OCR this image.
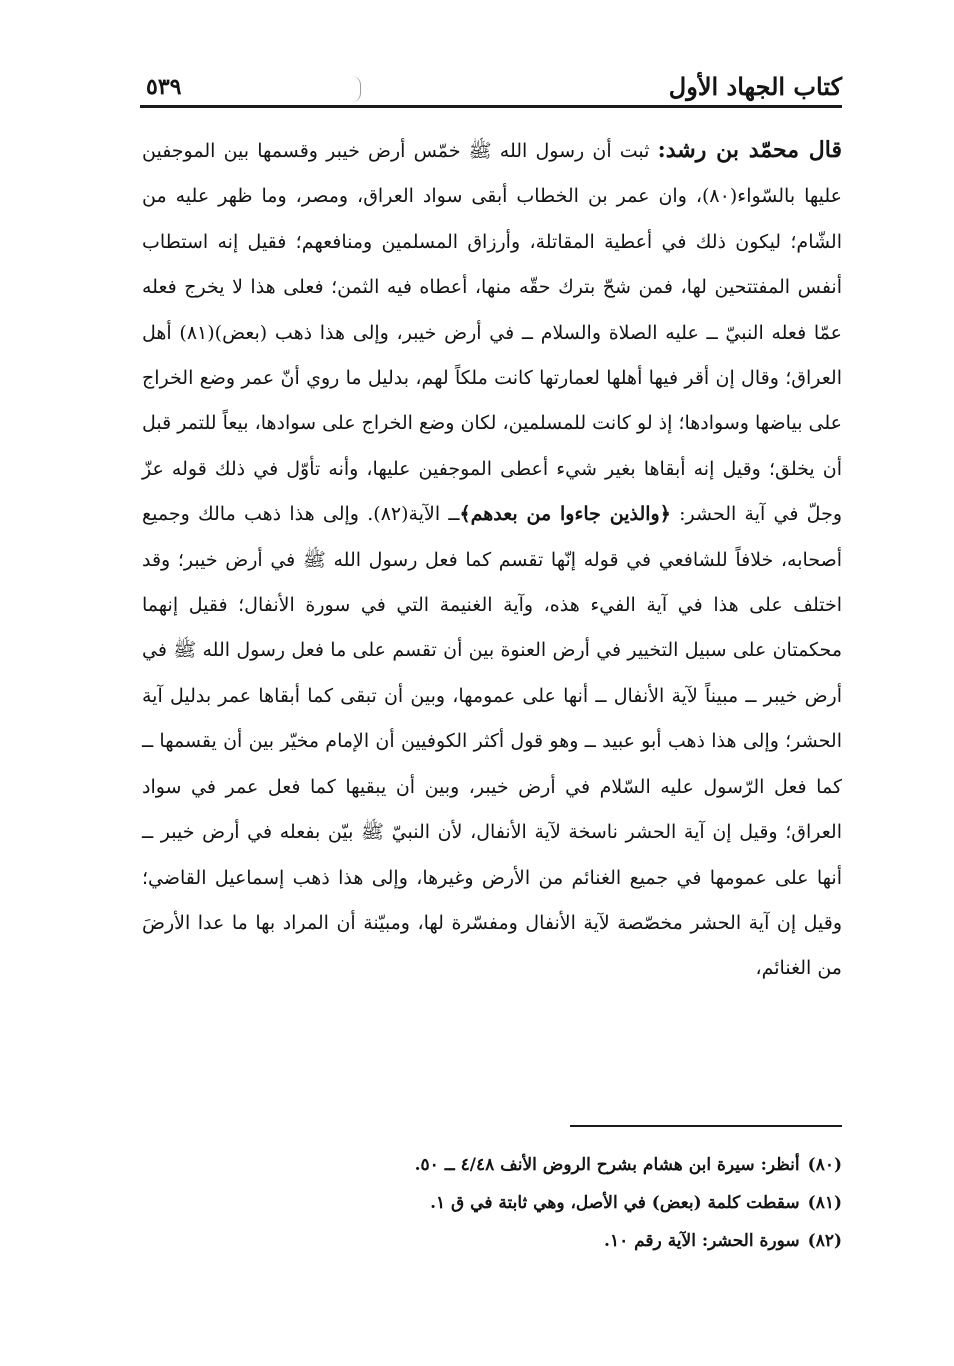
كتاب الجهاد الأول
٥٣٩

قال محمّد بن رشد: ثبت أن رسول الله ﷺ خمّس أرض خيبر وقسمها بين الموجفين عليها بالسّواء(٨٠)، وان عمر بن الخطاب أبقى سواد العراق، ومصر، وما ظهر عليه من الشّام؛ ليكون ذلك في أعطية المقاتلة، وأرزاق المسلمين ومنافعهم؛ فقيل إنه استطاب أنفس المفتتحين لها، فمن شحّ بترك حقّه منها، أعطاه فيه الثمن؛ فعلى هذا لا يخرج فعله عمّا فعله النبيّ ــ عليه الصلاة والسلام ــ في أرض خيبر، وإلى هذا ذهب (بعض)(٨١) أهل العراق؛ وقال إن أقر فيها أهلها لعمارتها كانت ملكاً لهم، بدليل ما روي أنّ عمر وضع الخراج على بياضها وسوادها؛ إذ لو كانت للمسلمين، لكان وضع الخراج على سوادها، بيعاً للتمر قبل أن يخلق؛ وقيل إنه أبقاها بغير شيء أعطى الموجفين عليها، وأنه تأوّل في ذلك قوله عزّ وجلّ في آية الحشر: ﴿والذين جاءوا من بعدهم﴾ــ الآية(٨٢). وإلى هذا ذهب مالك وجميع أصحابه، خلافاً للشافعي في قوله إنّها تقسم كما فعل رسول الله ﷺ في أرض خيبر؛ وقد اختلف على هذا في آية الفيء هذه، وآية الغنيمة التي في سورة الأنفال؛ فقيل إنهما محكمتان على سبيل التخيير في أرض العنوة بين أن تقسم على ما فعل رسول الله ﷺ في أرض خيبر ــ مبيناً لآية الأنفال ــ أنها على عمومها، وبين أن تبقى كما أبقاها عمر بدليل آية الحشر؛ وإلى هذا ذهب أبو عبيد ــ وهو قول أكثر الكوفيين أن الإمام مخيّر بين أن يقسمها ــ كما فعل الرّسول عليه السّلام في أرض خيبر، وبين أن يبقيها كما فعل عمر في سواد العراق؛ وقيل إن آية الحشر ناسخة لآية الأنفال، لأن النبيّ ﷺ بيّن بفعله في أرض خيبر ــ أنها على عمومها في جميع الغنائم من الأرض وغيرها، وإلى هذا ذهب إسماعيل القاضي؛ وقيل إن آية الحشر مخصّصة لآية الأنفال ومفسّرة لها، ومبيّنة أن المراد بها ما عدا الأرضَ من الغنائم،

(٨٠)أنظر: سيرة ابن هشام بشرح الروض الأنف ٤/٤٨ ــ ٥٠.
(٨١)سقطت كلمة (بعض) في الأصل، وهي ثابتة في ق ١.
(٨٢)سورة الحشر: الآية رقم ١٠.
